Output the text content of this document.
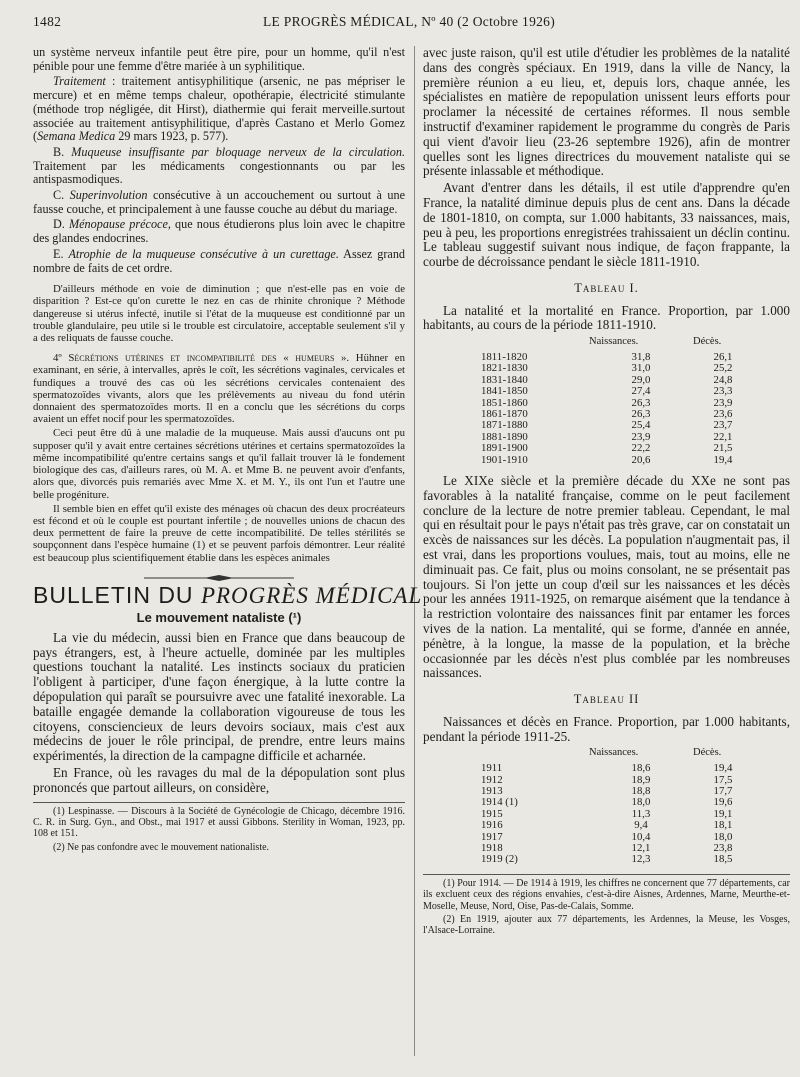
1482	LE PROGRÈS MÉDICAL, Nº 40 (2 Octobre 1926)

un système nerveux infantile peut être pire, pour un homme, qu'il n'est pénible pour une femme d'être mariée à un syphilitique.

Traitement : traitement antisyphilitique (arsenic, ne pas mépriser le mercure) et en même temps chaleur, opothérapie, électricité stimulante (méthode trop négligée, dit Hirst), diathermie qui ferait merveille.surtout associée au traitement antisyphilitique, d'après Castano et Merlo Gomez (Semana Medica 29 mars 1923, p. 577).

B. Muqueuse insuffisante par bloquage nerveux de la circulation. Traitement par les médicaments congestionnants ou par les antispasmodiques.

C. Superinvolution consécutive à un accouchement ou surtout à une fausse couche, et principalement à une fausse couche au début du mariage.

D. Ménopause précoce, que nous étudierons plus loin avec le chapitre des glandes endocrines.

E. Atrophie de la muqueuse consécutive à un curettage. Assez grand nombre de faits de cet ordre.

D'ailleurs méthode en voie de diminution ; que n'est-elle pas en voie de disparition ? Est-ce qu'on curette le nez en cas de rhinite chronique ? Méthode dangereuse si utérus infecté, inutile si l'état de la muqueuse est conditionné par un trouble glandulaire, peu utile si le trouble est circulatoire, acceptable seulement s'il y a des reliquats de fausse couche.

4º Sécrétions utérines et incompatibilité des « humeurs ». Hühner en examinant, en série, à intervalles, après le coït, les sécrétions vaginales, cervicales et fundiques a trouvé des cas où les sécrétions cervicales contenaient des spermatozoïdes vivants, alors que les prélèvements au niveau du fond utérin donnaient des spermatozoïdes morts. Il en a conclu que les sécrétions du corps avaient un effet nocif pour les spermatozoïdes.

Ceci peut être dû à une maladie de la muqueuse. Mais aussi d'aucuns ont pu supposer qu'il y avait entre certaines sécrétions utérines et certains spermatozoïdes la même incompatibilité qu'entre certains sangs et qu'il fallait trouver là le fondement biologique des cas, d'ailleurs rares, où M. A. et Mme B. ne peuvent avoir d'enfants, alors que, divorcés puis remariés avec Mme X. et M. Y., ils ont l'un et l'autre une belle progéniture.

Il semble bien en effet qu'il existe des ménages où chacun des deux procréateurs est fécond et où le couple est pourtant infertile ; de nouvelles unions de chacun des deux permettent de faire la preuve de cette incompatibilité. De telles stérilités se soupçonnent dans l'espèce humaine (1) et se peuvent parfois démontrer. Leur réalité est beaucoup plus scientifiquement établie dans les espèces animales

BULLETIN DU PROGRÈS MÉDICAL
Le mouvement nataliste (¹)

La vie du médecin, aussi bien en France que dans beaucoup de pays étrangers, est, à l'heure actuelle, dominée par les multiples questions touchant la natalité. Les instincts sociaux du praticien l'obligent à participer, d'une façon énergique, à la lutte contre la dépopulation qui paraît se poursuivre avec une fatalité inexorable. La bataille engagée demande la collaboration vigoureuse de tous les citoyens, consciencieux de leurs devoirs sociaux, mais c'est aux médecins de jouer le rôle principal, de prendre, entre leurs mains expérimentés, la direction de la campagne difficile et acharnée.

En France, où les ravages du mal de la dépopulation sont plus prononcés que partout ailleurs, on considère,

(1) Lespinasse. — Discours à la Société de Gynécologie de Chicago, décembre 1916. C. R. in Surg. Gyn., and Obst., mai 1917 et aussi Gibbons. Sterility in Woman, 1923, pp. 108 et 151.

(2) Ne pas confondre avec le mouvement nationaliste.

avec juste raison, qu'il est utile d'étudier les problèmes de la natalité dans des congrès spéciaux. En 1919, dans la ville de Nancy, la première réunion a eu lieu, et, depuis lors, chaque année, les spécialistes en matière de repopulation unissent leurs efforts pour proclamer la nécessité de certaines réformes. Il nous semble instructif d'examiner rapidement le programme du congrès de Paris qui vient d'avoir lieu (23-26 septembre 1926), afin de montrer quelles sont les lignes directrices du mouvement nataliste qui se présente inlassable et méthodique.

Avant d'entrer dans les détails, il est utile d'apprendre qu'en France, la natalité diminue depuis plus de cent ans. Dans la décade de 1801-1810, on compta, sur 1.000 habitants, 33 naissances, mais, peu à peu, les proportions enregistrées trahissaient un déclin continu. Le tableau suggestif suivant nous indique, de façon frappante, la courbe de décroissance pendant le siècle 1811-1910.

Tableau I.

La natalité et la mortalité en France. Proportion, par 1.000 habitants, au cours de la période 1811-1910.

	Naissances.	Décès.
1811-1820	31,8	26,1
1821-1830	31,0	25,2
1831-1840	29,0	24,8
1841-1850	27,4	23,3
1851-1860	26,3	23,9
1861-1870	26,3	23,6
1871-1880	25,4	23,7
1881-1890	23,9	22,1
1891-1900	22,2	21,5
1901-1910	20,6	19,4

Le XIXe siècle et la première décade du XXe ne sont pas favorables à la natalité française, comme on le peut facilement conclure de la lecture de notre premier tableau. Cependant, le mal qui en résultait pour le pays n'était pas très grave, car on constatait un excès de naissances sur les décès. La population n'augmentait pas, il est vrai, dans les proportions voulues, mais, tout au moins, elle ne diminuait pas. Ce fait, plus ou moins consolant, ne se présentait pas toujours. Si l'on jette un coup d'œil sur les naissances et les décès pour les années 1911-1925, on remarque aisément que la tendance à la restriction volontaire des naissances finit par entamer les forces vives de la nation. La mentalité, qui se forme, d'année en année, pénètre, à la longue, la masse de la population, et la brèche occasionnée par les décès n'est plus comblée par les nombreuses naissances.

Tableau II

Naissances et décès en France. Proportion, par 1.000 habitants, pendant la période 1911-25.

	Naissances.	Décès.
1911	18,6	19,4
1912	18,9	17,5
1913	18,8	17,7
1914 (1)	18,0	19,6
1915	11,3	19,1
1916	9,4	18,1
1917	10,4	18,0
1918	12,1	23,8
1919 (2)	12,3	18,5

(1) Pour 1914. — De 1914 à 1919, les chiffres ne concernent que 77 départements, car ils excluent ceux des régions envahies, c'est-à-dire Aisnes, Ardennes, Marne, Meurthe-et-Moselle, Meuse, Nord, Oise, Pas-de-Calais, Somme.

(2) En 1919, ajouter aux 77 départements, les Ardennes, la Meuse, les Vosges, l'Alsace-Lorraine.
